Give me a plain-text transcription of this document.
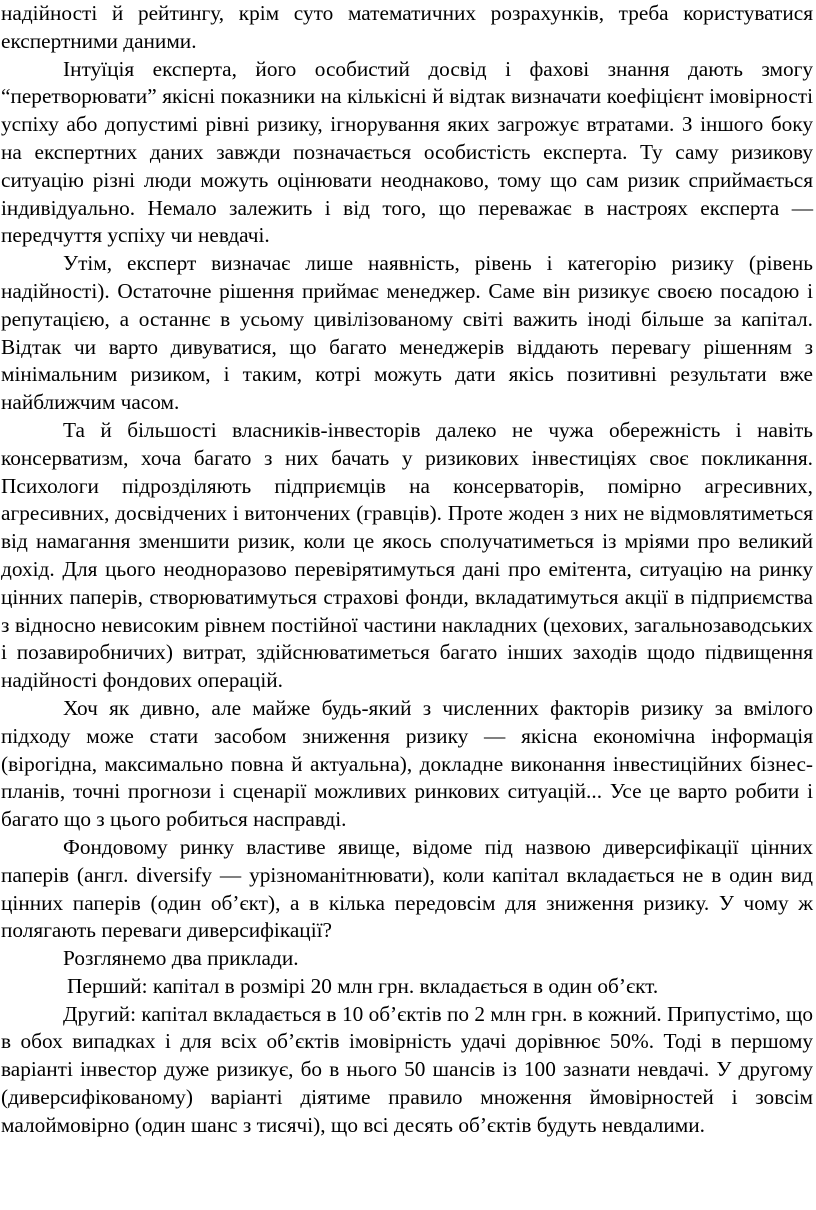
надійності й рейтингу, крім суто математичних розрахунків, треба користуватися експертними даними.

Інтуїція експерта, його особистий досвід і фахові знання дають змогу “перетворювати” якісні показники на кількісні й відтак визначати коефіцієнт імовірності успіху або допустимі рівні ризику, ігнорування яких загрожує втратами. З іншого боку на експертних даних завжди позначається особистість експерта. Ту саму ризикову ситуацію різні люди можуть оцінювати неоднаково, тому що сам ризик сприймається індивідуально. Немало залежить і від того, що переважає в настроях експерта — передчуття успіху чи невдачі.

Утім, експерт визначає лише наявність, рівень і категорію ризику (рівень надійності). Остаточне рішення приймає менеджер. Саме він ризикує своєю посадою і репутацією, а останнє в усьому цивілізованому світі важить іноді більше за капітал. Відтак чи варто дивуватися, що багато менеджерів віддають перевагу рішенням з мінімальним ризиком, і таким, котрі можуть дати якісь позитивні результати вже найближчим часом.

Та й більшості власників-інвесторів далеко не чужа обережність і навіть консерватизм, хоча багато з них бачать у ризикових інвестиціях своє покликання. Психологи підрозділяють підприємців на консерваторів, помірно агресивних, агресивних, досвідчених і витончених (гравців). Проте жоден з них не відмовлятиметься від намагання зменшити ризик, коли це якось сполучатиметься із мріями про великий дохід. Для цього неодноразово перевірятимуться дані про емітента, ситуацію на ринку цінних паперів, створюватимуться страхові фонди, вкладатимуться акції в підприємства з відносно невисоким рівнем постійної частини накладних (цехових, загальнозаводських і позавиробничих) витрат, здійснюватиметься багато інших заходів щодо підвищення надійності фондових операцій.

Хоч як дивно, але майже будь-який з численних факторів ризику за вмілого підходу може стати засобом зниження ризику — якісна економічна інформація (вірогідна, максимально повна й актуальна), докладне виконання інвестиційних бізнес-планів, точні прогнози і сценарії можливих ринкових ситуацій... Усе це варто робити і багато що з цього робиться насправді.

Фондовому ринку властиве явище, відоме під назвою диверсифікації цінних паперів (англ. diversify — урізноманітнювати), коли капітал вкладається не в один вид цінних паперів (один об’єкт), а в кілька передовсім для зниження ризику. У чому ж полягають переваги диверсифікації?

Розглянемо два приклади.

Перший: капітал в розмірі 20 млн грн. вкладається в один об’єкт.

Другий: капітал вкладається в 10 об’єктів по 2 млн грн. в кожний. Припустімо, що в обох випадках і для всіх об’єктів імовірність удачі дорівнює 50%. Тоді в першому варіанті інвестор дуже ризикує, бо в нього 50 шансів із 100 зазнати невдачі. У другому (диверсифікованому) варіанті діятиме правило множення ймовірностей і зовсім малоймовірно (один шанс з тисячі), що всі десять об’єктів будуть невдалими.
